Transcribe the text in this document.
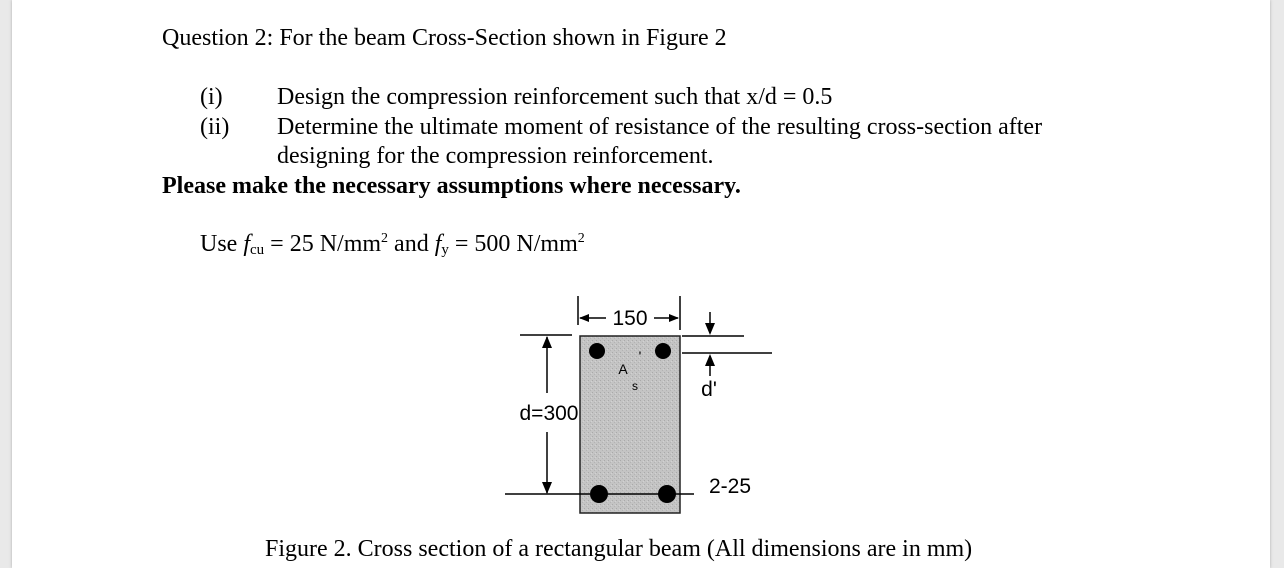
Question 2: For the beam Cross-Section shown in Figure 2
(i) Design the compression reinforcement such that x/d = 0.5
(ii) Determine the ultimate moment of resistance of the resulting cross-section after
designing for the compression reinforcement.
Please make the necessary assumptions where necessary.
Use $f_{cu} = 25$ $N/mm^2$ and $f_y = 500$ $N/mm^2$
150
d=300
d'
A
'
s
2-25
Figure 2. Cross section of a rectangular beam (All dimensions are in mm)
